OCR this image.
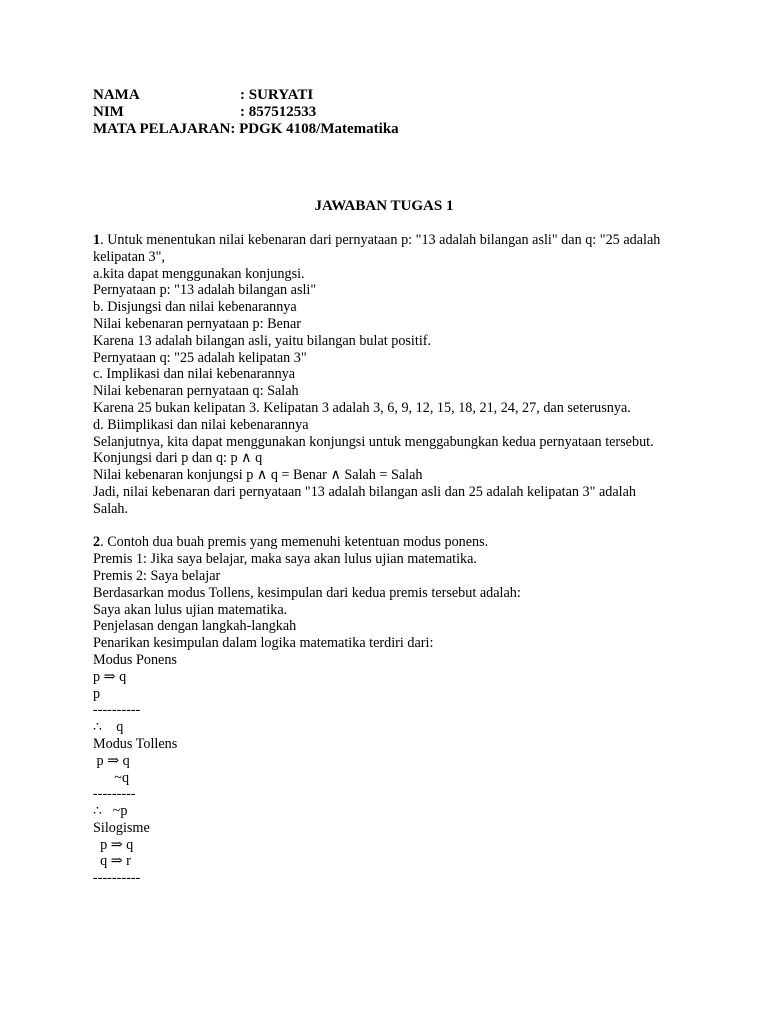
NAMA	: SURYATI
NIM	: 857512533
MATA PELAJARAN : PDGK 4108/Matematika
JAWABAN TUGAS 1
1. Untuk menentukan nilai kebenaran dari pernyataan p: "13 adalah bilangan asli" dan q: "25 adalah kelipatan 3",
a.kita dapat menggunakan konjungsi.
Pernyataan p: "13 adalah bilangan asli"
b. Disjungsi dan nilai kebenarannya
Nilai kebenaran pernyataan p: Benar
Karena 13 adalah bilangan asli, yaitu bilangan bulat positif.
Pernyataan q: "25 adalah kelipatan 3"
c. Implikasi dan nilai kebenarannya
Nilai kebenaran pernyataan q: Salah
Karena 25 bukan kelipatan 3. Kelipatan 3 adalah 3, 6, 9, 12, 15, 18, 21, 24, 27, dan seterusnya.
d. Biimplikasi dan nilai kebenarannya
Selanjutnya, kita dapat menggunakan konjungsi untuk menggabungkan kedua pernyataan tersebut.
Konjungsi dari p dan q: p ∧ q
Nilai kebenaran konjungsi p ∧ q = Benar ∧ Salah = Salah
Jadi, nilai kebenaran dari pernyataan "13 adalah bilangan asli dan 25 adalah kelipatan 3" adalah Salah.
2. Contoh dua buah premis yang memenuhi ketentuan modus ponens.
Premis 1: Jika saya belajar, maka saya akan lulus ujian matematika.
Premis 2: Saya belajar
Berdasarkan modus Tollens, kesimpulan dari kedua premis tersebut adalah:
Saya akan lulus ujian matematika.
Penjelasan dengan langkah-langkah
Penarikan kesimpulan dalam logika matematika terdiri dari:
Modus Ponens
p ⇒ q
p
----------
∴    q
Modus Tollens
p ⇒ q
~q
---------
∴   ~p
Silogisme
p ⇒ q
q ⇒ r
----------
